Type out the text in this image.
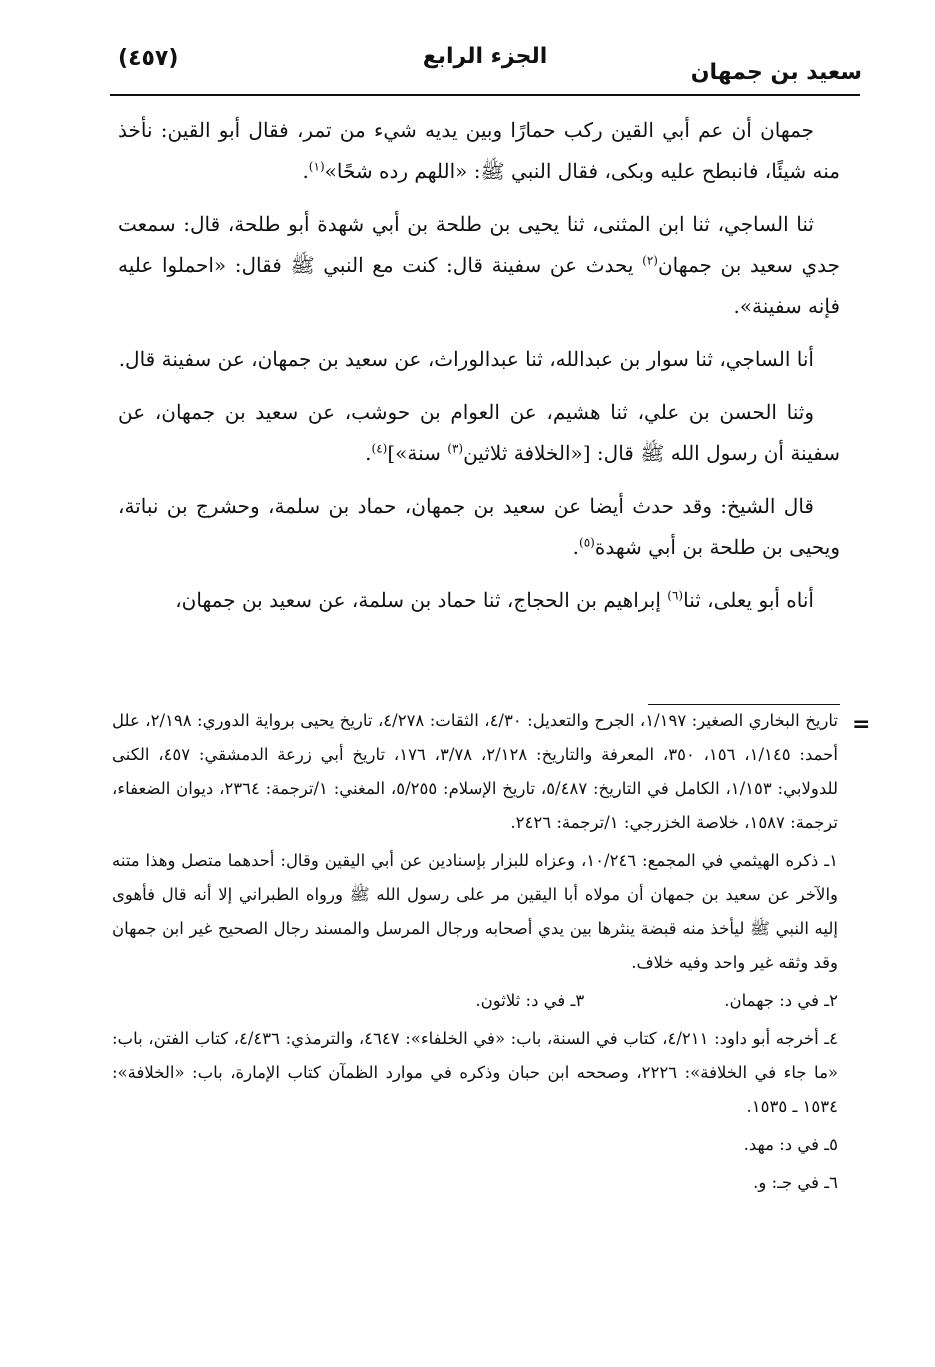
(٤٥٧)	الجزء الرابع
سعيد بن جمهان

جمهان أن عم أبي القين ركب حمارًا وبين يديه شيء من تمر، فقال أبو القين: نأخذ منه شيئًا، فانبطح عليه وبكى، فقال النبي ﷺ: «اللهم رده شحًا»$^{(١)}$.

ثنا الساجي، ثنا ابن المثنى، ثنا يحيى بن طلحة بن أبي شهدة أبو طلحة، قال: سمعت جدي سعيد بن جمهان$^{(٢)}$ يحدث عن سفينة قال: كنت مع النبي ﷺ فقال: «احملوا عليه فإنه سفينة».

أنا الساجي، ثنا سوار بن عبدالله، ثنا عبدالوراث، عن سعيد بن جمهان، عن سفينة قال.

وثنا الحسن بن علي، ثنا هشيم، عن العوام بن حوشب، عن سعيد بن جمهان، عن سفينة أن رسول الله ﷺ قال: [«الخلافة ثلاثين$^{(٣)}$ سنة»]$^{(٤)}$.

قال الشيخ: وقد حدث أيضا عن سعيد بن جمهان، حماد بن سلمة، وحشرج بن نباتة، ويحيى بن طلحة بن أبي شهدة$^{(٥)}$.

أناه أبو يعلى، ثنا$^{(٦)}$ إبراهيم بن الحجاج، ثنا حماد بن سلمة، عن سعيد بن جمهان،

=

تاريخ البخاري الصغير: ١/١٩٧، الجرح والتعديل: ٤/٣٠، الثقات: ٤/٢٧٨، تاريخ يحيى برواية الدوري: ٢/١٩٨، علل أحمد: ١/١٤٥، ١٥٦، ٣٥٠، المعرفة والتاريخ: ٢/١٢٨، ٣/٧٨، ١٧٦، تاريخ أبي زرعة الدمشقي: ٤٥٧، الكنى للدولابي: ١/١٥٣، الكامل في التاريخ: ٥/٤٨٧، تاريخ الإسلام: ٥/٢٥٥، المغني: ١/ترجمة: ٢٣٦٤، ديوان الضعفاء، ترجمة: ١٥٨٧، خلاصة الخزرجي: ١/ترجمة: ٢٤٢٦.

١ـ ذكره الهيثمي في المجمع: ١٠/٢٤٦، وعزاه للبزار بإسنادين عن أبي اليقين وقال: أحدهما متصل وهذا متنه والآخر عن سعيد بن جمهان أن مولاه أبا اليقين مر على رسول الله ﷺ ورواه الطبراني إلا أنه قال فأهوى إليه النبي ﷺ ليأخذ منه قبضة ينثرها بين يدي أصحابه ورجال المرسل والمسند رجال الصحيح غير ابن جمهان وقد وثقه غير واحد وفيه خلاف.

٢ـ في د: جهمان.
٣ـ في د: ثلاثون.

٤ـ أخرجه أبو داود: ٤/٢١١، كتاب في السنة، باب: «في الخلفاء»: ٤٦٤٧، والترمذي: ٤/٤٣٦، كتاب الفتن، باب: «ما جاء في الخلافة»: ٢٢٢٦، وصححه ابن حبان وذكره في موارد الظمآن كتاب الإمارة، باب: «الخلافة»: ١٥٣٤ ـ ١٥٣٥.

٥ـ في د: مهد.

٦ـ في جـ: و.
